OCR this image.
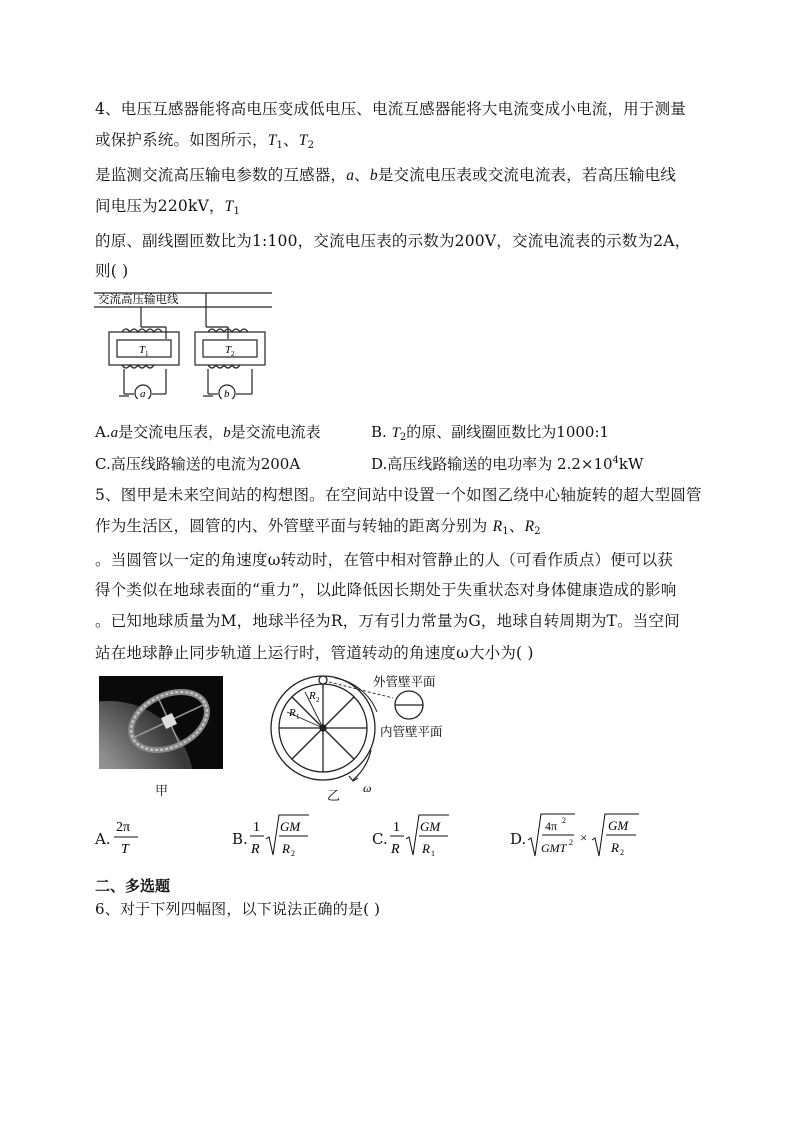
4、电压互感器能将高电压变成低电压、电流互感器能将大电流变成小电流，用于测量
或保护系统。如图所示，$T_1$、$T_2$
是监测交流高压输电参数的互感器，a、b是交流电压表或交流电流表，若高压输电线
间电压为220kV，$T_1$
的原、副线圈匝数比为1:100，交流电压表的示数为200V，交流电流表的示数为2A，
则( )
交流高压输电线
T 1	T 2
a	b
A.a是交流电压表，b是交流电流表	B. $T_2$的原、副线圈匝数比为1000:1
C.高压线路输送的电流为200A	D.高压线路输送的电功率为 $2.2\times 10^4kW$
5、图甲是未来空间站的构想图。在空间站中设置一个如图乙绕中心轴旋转的超大型圆管
作为生活区，圆管的内、外管壁平面与转轴的距离分别为 $R_1$、$R_2$
。当圆管以一定的角速度ω转动时，在管中相对管静止的人（可看作质点）便可以获
得个类似在地球表面的“重力”，以此降低因长期处于失重状态对身体健康造成的影响
。已知地球质量为M，地球半径为R，万有引力常量为G，地球自转周期为T。当空间
站在地球静止同步轨道上运行时，管道转动的角速度ω大小为( )
甲
R 2
R 1
ω
外管壁平面
内管壁平面
乙
A.
2π
T
B.
1
R
GM
R 2
C.
1
R
GM
R 1
D.
4π 2
GMT 2 ×
GM
R 2
二、多选题
6、对于下列四幅图，以下说法正确的是( )
